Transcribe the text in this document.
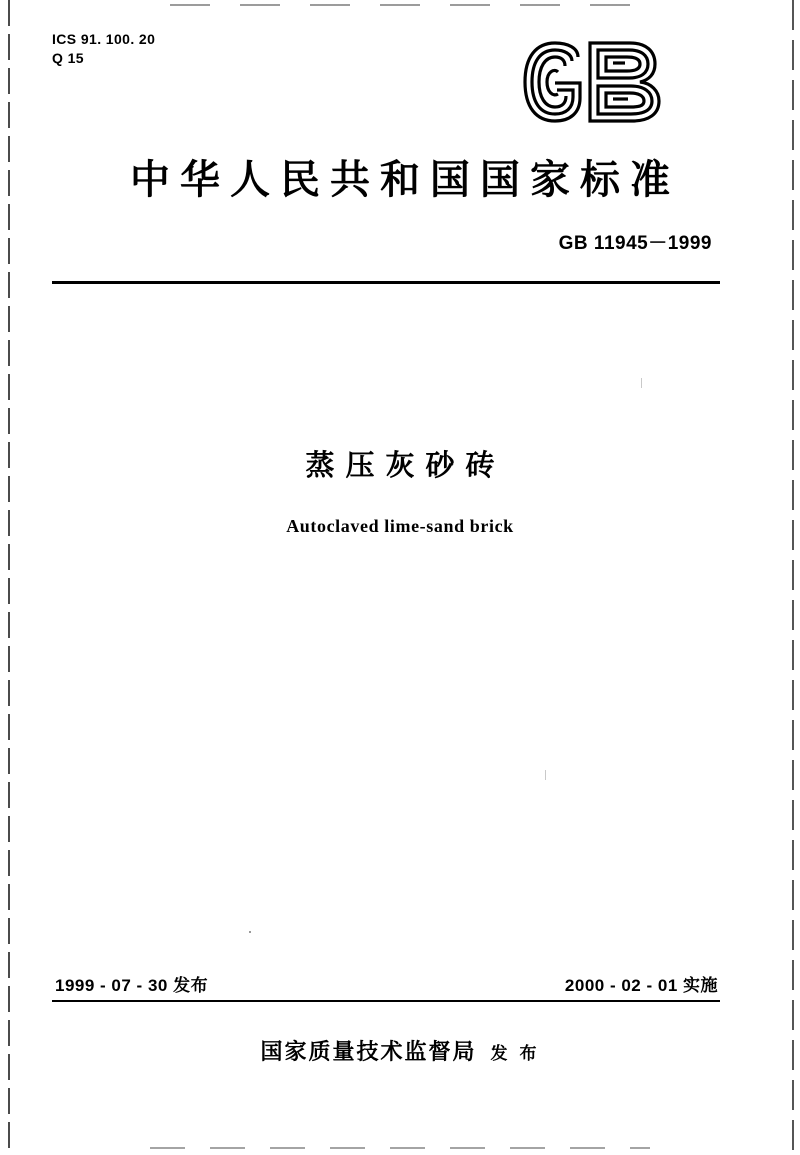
ICS 91. 100. 20
Q 15
中华人民共和国国家标准
GB 11945－1999
蒸压灰砂砖
Autoclaved lime-sand brick
1999 - 07 - 30 发布	2000 - 02 - 01 实施
国家质量技术监督局 发 布
